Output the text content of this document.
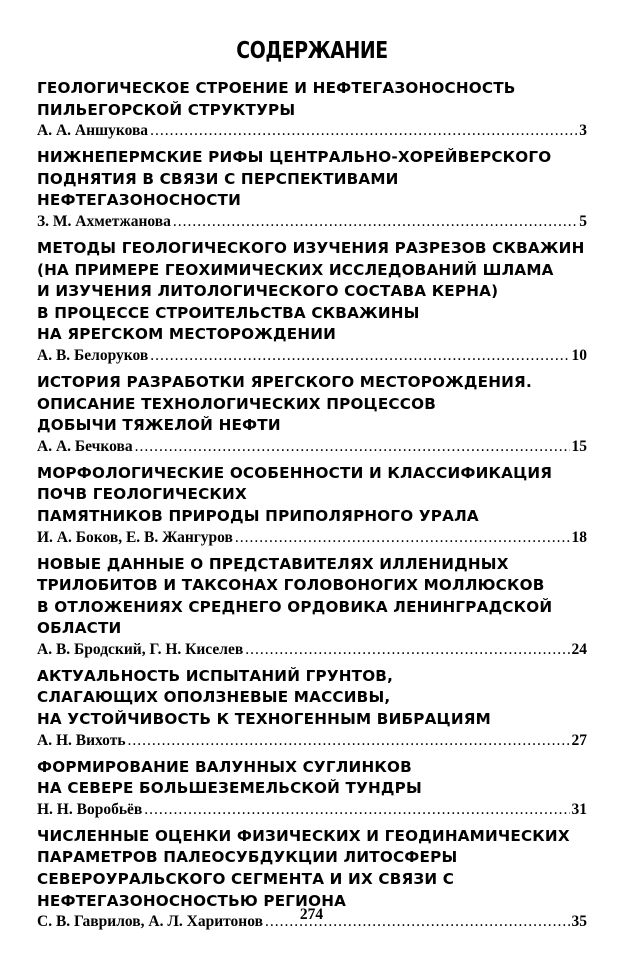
СОДЕРЖАНИЕ
ГЕОЛОГИЧЕСКОЕ СТРОЕНИЕ И НЕФТЕГАЗОНОСНОСТЬ
ПИЛЬЕГОРСКОЙ СТРУКТУРЫ
А. А. Аншукова .....	3
НИЖНЕПЕРМСКИЕ РИФЫ ЦЕНТРАЛЬНО-ХОРЕЙВЕРСКОГО
ПОДНЯТИЯ В СВЯЗИ С ПЕРСПЕКТИВАМИ
НЕФТЕГАЗОНОСНОСТИ
З. М. Ахметжанова .....	5
МЕТОДЫ ГЕОЛОГИЧЕСКОГО ИЗУЧЕНИЯ РАЗРЕЗОВ СКВАЖИН
(НА ПРИМЕРЕ ГЕОХИМИЧЕСКИХ ИССЛЕДОВАНИЙ ШЛАМА
И ИЗУЧЕНИЯ ЛИТОЛОГИЧЕСКОГО СОСТАВА КЕРНА)
В ПРОЦЕССЕ СТРОИТЕЛЬСТВА СКВАЖИНЫ
НА ЯРЕГСКОМ МЕСТОРОЖДЕНИИ
А. В. Белоруков .....	10
ИСТОРИЯ РАЗРАБОТКИ ЯРЕГСКОГО МЕСТОРОЖДЕНИЯ.
ОПИСАНИЕ ТЕХНОЛОГИЧЕСКИХ ПРОЦЕССОВ
ДОБЫЧИ ТЯЖЕЛОЙ НЕФТИ
А. А. Бечкова .....	15
МОРФОЛОГИЧЕСКИЕ ОСОБЕННОСТИ И КЛАССИФИКАЦИЯ
ПОЧВ ГЕОЛОГИЧЕСКИХ
ПАМЯТНИКОВ ПРИРОДЫ ПРИПОЛЯРНОГО УРАЛА
И. А. Боков, Е. В. Жангуров .....	18
НОВЫЕ ДАННЫЕ О ПРЕДСТАВИТЕЛЯХ ИЛЛЕНИДНЫХ
ТРИЛОБИТОВ И ТАКСОНАХ ГОЛОВОНОГИХ МОЛЛЮСКОВ
В ОТЛОЖЕНИЯХ СРЕДНЕГО ОРДОВИКА ЛЕНИНГРАДСКОЙ
ОБЛАСТИ
А. В. Бродский, Г. Н. Киселев .....	24
АКТУАЛЬНОСТЬ ИСПЫТАНИЙ ГРУНТОВ,
СЛАГАЮЩИХ ОПОЛЗНЕВЫЕ МАССИВЫ,
НА УСТОЙЧИВОСТЬ К ТЕХНОГЕННЫМ ВИБРАЦИЯМ
А. Н. Вихоть .....	27
ФОРМИРОВАНИЕ ВАЛУННЫХ СУГЛИНКОВ
НА СЕВЕРЕ БОЛЬШЕЗЕМЕЛЬСКОЙ ТУНДРЫ
Н. Н. Воробьёв .....	31
ЧИСЛЕННЫЕ ОЦЕНКИ ФИЗИЧЕСКИХ И ГЕОДИНАМИЧЕСКИХ
ПАРАМЕТРОВ ПАЛЕОСУБДУКЦИИ ЛИТОСФЕРЫ
СЕВЕРОУРАЛЬСКОГО СЕГМЕНТА И ИХ СВЯЗИ С
НЕФТЕГАЗОНОСНОСТЬЮ РЕГИОНА
С. В. Гаврилов, А. Л. Харитонов .....	35
274
